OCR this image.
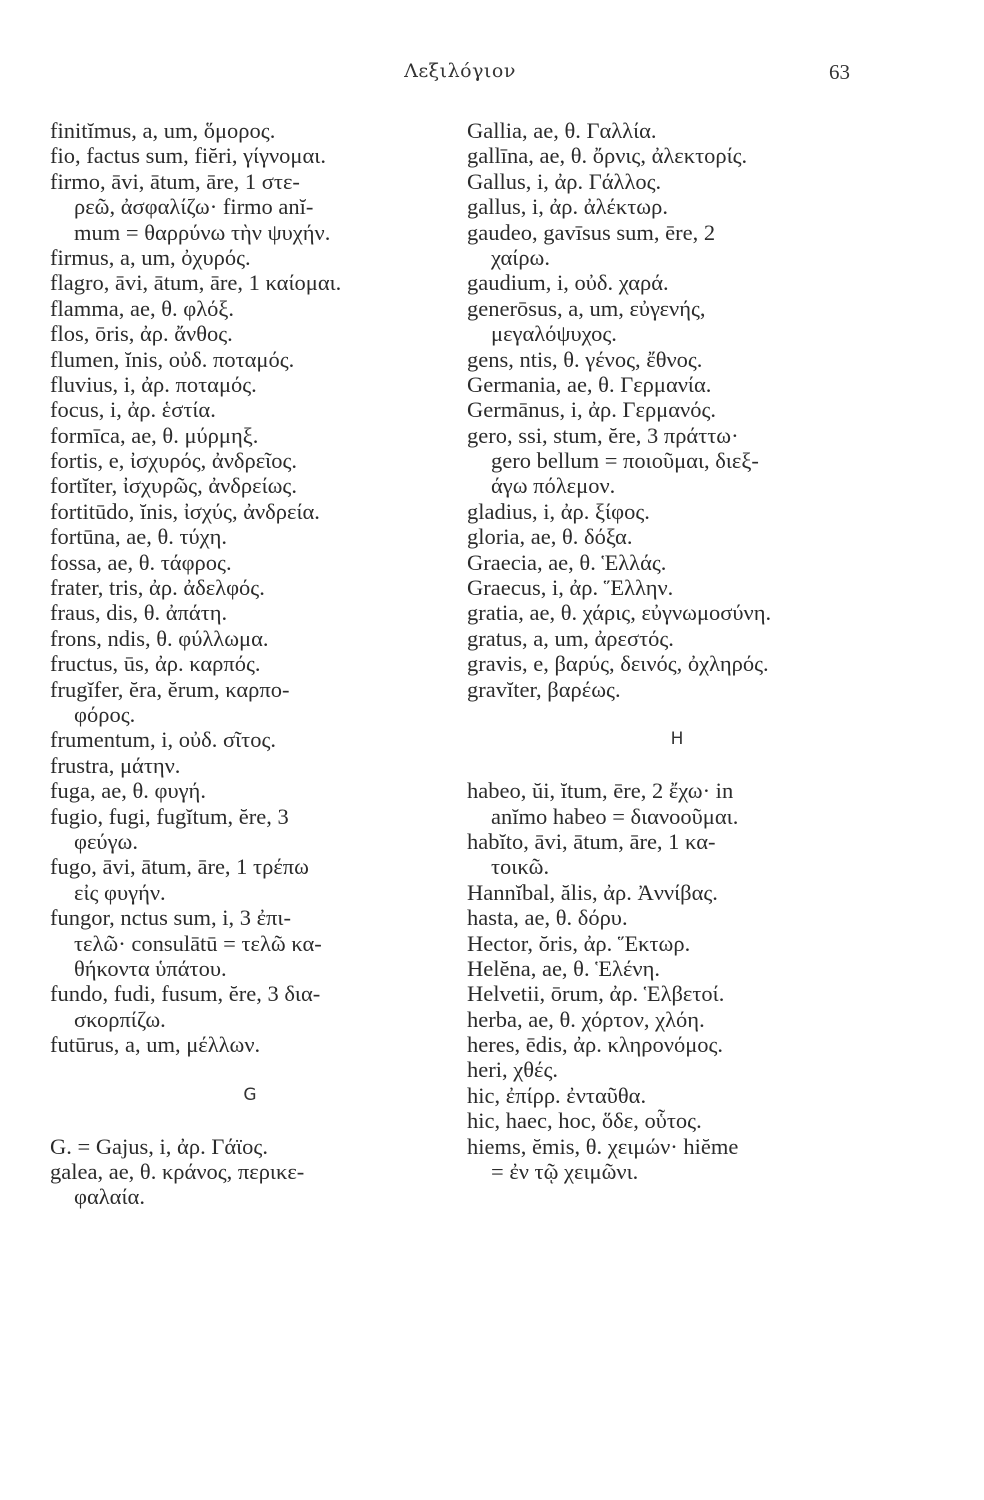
Λεξιλόγιον	63
finitĭmus, a, um, ὅμορος.
fio, factus sum, fiĕri, γίγνομαι.
firmo, āvi, ātum, āre, 1 στε-
ρεῶ, ἀσφαλίζω· firmo anĭ-
mum = θαρρύνω τὴν ψυχήν.
firmus, a, um, ὀχυρός.
flagro, āvi, ātum, āre, 1 καίομαι.
flamma, ae, θ. φλόξ.
flos, ōris, ἀρ. ἄνθος.
flumen, ĭnis, οὐδ. ποταμός.
fluvius, i, ἀρ. ποταμός.
focus, i, ἀρ. ἑστία.
formīca, ae, θ. μύρμηξ.
fortis, e, ἰσχυρός, ἀνδρεῖος.
fortĭter, ἰσχυρῶς, ἀνδρείως.
fortitūdo, ĭnis, ἰσχύς, ἀνδρεία.
fortūna, ae, θ. τύχη.
fossa, ae, θ. τάφρος.
frater, tris, ἀρ. ἀδελφός.
fraus, dis, θ. ἀπάτη.
frons, ndis, θ. φύλλωμα.
fructus, ūs, ἀρ. καρπός.
frugĭfer, ĕra, ĕrum, καρπο-
φόρος.
frumentum, i, οὐδ. σῖτος.
frustra, μάτην.
fuga, ae, θ. φυγή.
fugio, fugi, fugĭtum, ĕre, 3
φεύγω.
fugo, āvi, ātum, āre, 1 τρέπω
εἰς φυγήν.
fungor, nctus sum, i, 3 ἐπι-
τελῶ· consulātū = τελῶ κα-
θήκοντα ὑπάτου.
fundo, fudi, fusum, ĕre, 3 δια-
σκορπίζω.
futūrus, a, um, μέλλων.
G
G. = Gajus, i, ἀρ. Γάϊος.
galea, ae, θ. κράνος, περικε-
φαλαία.
Gallia, ae, θ. Γαλλία.
gallīna, ae, θ. ὄρνις, ἀλεκτορίς.
Gallus, i, ἀρ. Γάλλος.
gallus, i, ἀρ. ἀλέκτωρ.
gaudeo, gavīsus sum, ēre, 2
χαίρω.
gaudium, i, οὐδ. χαρά.
generōsus, a, um, εὐγενής,
μεγαλόψυχος.
gens, ntis, θ. γένος, ἔθνος.
Germania, ae, θ. Γερμανία.
Germānus, i, ἀρ. Γερμανός.
gero, ssi, stum, ĕre, 3 πράττω·
gero bellum = ποιοῦμαι, διεξ-
άγω πόλεμον.
gladius, i, ἀρ. ξίφος.
gloria, ae, θ. δόξα.
Graecia, ae, θ. Ἑλλάς.
Graecus, i, ἀρ. Ἕλλην.
gratia, ae, θ. χάρις, εὐγνωμοσύνη.
gratus, a, um, ἀρεστός.
gravis, e, βαρύς, δεινός, ὀχληρός.
gravĭter, βαρέως.
H
habeo, ŭi, ĭtum, ēre, 2 ἔχω· in
anĭmo habeo = διανοοῦμαι.
habĭto, āvi, ātum, āre, 1 κα-
τοικῶ.
Hannĭbal, ălis, ἀρ. Ἀννίβας.
hasta, ae, θ. δόρυ.
Hector, ŏris, ἀρ. Ἕκτωρ.
Helĕna, ae, θ. Ἑλένη.
Helvetii, ōrum, ἀρ. Ἑλβετοί.
herba, ae, θ. χόρτον, χλόη.
heres, ēdis, ἀρ. κληρονόμος.
heri, χθές.
hic, ἐπίρρ. ἐνταῦθα.
hic, haec, hoc, ὅδε, οὗτος.
hiems, ĕmis, θ. χειμών· hiĕme
= ἐν τῷ χειμῶνι.
